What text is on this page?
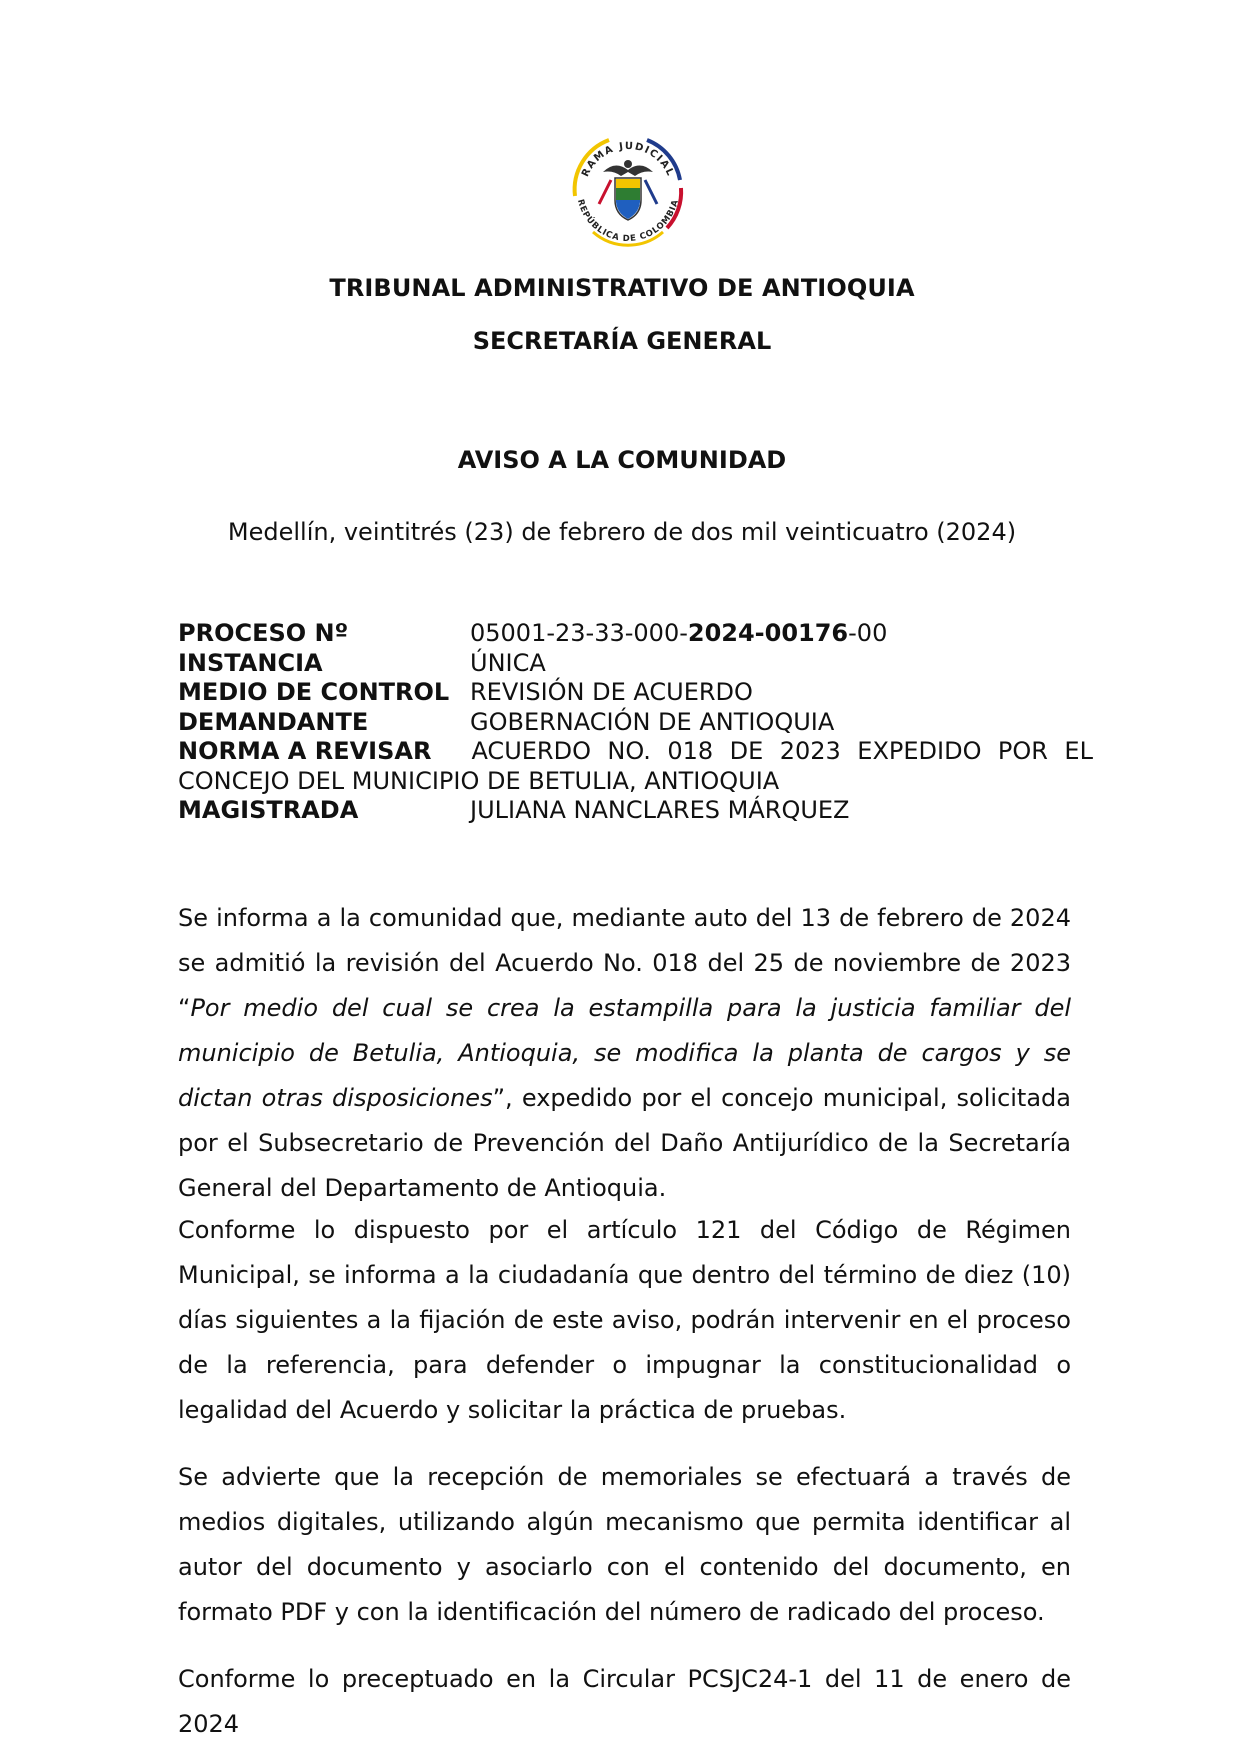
RAMA JUDICIAL
REPÚBLICA DE COLOMBIA
TRIBUNAL ADMINISTRATIVO DE ANTIOQUIA
SECRETARÍA GENERAL
AVISO A LA COMUNIDAD
Medellín, veintitrés (23) de febrero de dos mil veinticuatro (2024)
PROCESO Nº	05001-23-33-000-2024-00176-00
INSTANCIA	ÚNICA
MEDIO DE CONTROL REVISIÓN DE ACUERDO
DEMANDANTE	GOBERNACIÓN DE ANTIOQUIA
NORMA A REVISAR ACUERDO NO. 018 DE 2023 EXPEDIDO POR EL
CONCEJO DEL MUNICIPIO DE BETULIA, ANTIOQUIA
MAGISTRADA	JULIANA NANCLARES MÁRQUEZ
Se informa a la comunidad que, mediante auto del 13 de febrero de 2024 se admitió la revisión del Acuerdo No. 018 del 25 de noviembre de 2023 “Por medio del cual se crea la estampilla para la justicia familiar del municipio de Betulia, Antioquia, se modifica la planta de cargos y se dictan otras disposiciones”, expedido por el concejo municipal, solicitada por el Subsecretario de Prevención del Daño Antijurídico de la Secretaría General del Departamento de Antioquia.
Conforme lo dispuesto por el artículo 121 del Código de Régimen Municipal, se informa a la ciudadanía que dentro del término de diez (10) días siguientes a la fijación de este aviso, podrán intervenir en el proceso de la referencia, para defender o impugnar la constitucionalidad o legalidad del Acuerdo y solicitar la práctica de pruebas.
Se advierte que la recepción de memoriales se efectuará a través de medios digitales, utilizando algún mecanismo que permita identificar al autor del documento y asociarlo con el contenido del documento, en formato PDF y con la identificación del número de radicado del proceso.
Conforme lo preceptuado en la Circular PCSJC24-1 del 11 de enero de 2024
